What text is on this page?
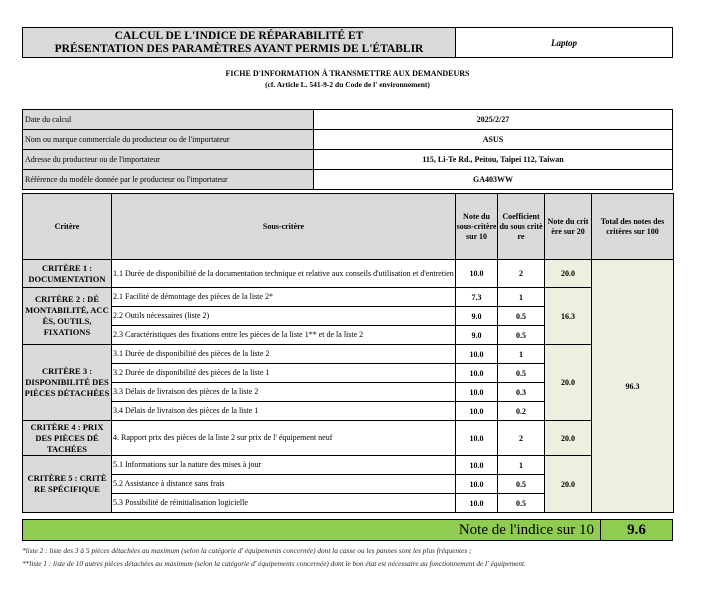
CALCUL DE L'INDICE DE RÉPARABILITÉ ET
PRÉSENTATION DES PARAMÈTRES AYANT PERMIS DE L'ÉTABLIR	Laptop
FICHE D'INFORMATION À TRANSMETTRE AUX DEMANDEURS
(cf. Article L. 541-9-2 du Code de l' environnement)
Date du calcul	2025/2/27
Nom ou marque commerciale du producteur ou de l'importateur	ASUS
Adresse du producteur ou de l'importateur	115, Li-Te Rd., Peitou, Taipei 112, Taiwan
Référence du modèle donnée par le producteur ou l'importateur	GA403WW
Critère	Sous-critère	Note du sous-critère sur 10	Coefficient du sous critè re	Note du crit ère sur 20	Total des notes des critères sur 100
CRITÈRE 1 : DOCUMENTATION	1.1 Durée de disponibilité de la documentation technique et relative aux conseils d'utilisation et d'entretien	10.0	2	20.0	96.3
CRITÈRE 2 : DÉ MONTABILITÉ, ACC ÈS, OUTILS, FIXATIONS	2.1 Facilité de démontage des pièces de la liste 2*	7.3	1	16.3	
	2.2 Outils nécessaires (liste 2)	9.0	0.5		
	2.3 Caractéristiques des fixations entre les pièces de la liste 1** et de la liste 2	9.0	0.5		
CRITÈRE 3 : DISPONIBILITÉ DES PIÈCES DÉTACHÉES	3.1 Durée de disponibilité des pièces de la liste 2	10.0	1	20.0	
	3.2 Durée de disponibilité des pièces de la liste 1	10.0	0.5		
	3.3 Délais de livraison des pièces de la liste 2	10.0	0.3		
	3.4 Délais de livraison des pièces de la liste 1	10.0	0.2		
CRITÈRE 4 : PRIX DES PIÈCES DÉ TACHÉES	4. Rapport prix des pièces de la liste 2 sur prix de l' équipement neuf	10.0	2	20.0	
CRITÈRE 5 : CRITÈ RE SPÉCIFIQUE	5.1 Informations sur la nature des mises à jour	10.0	1	20.0	
	5.2 Assistance à distance sans frais	10.0	0.5		
	5.3 Possibilité de réinitialisation logicielle	10.0	0.5		
Note de l'indice sur 10	9.6
*liste 2 : liste des 3 à 5 pièces détachées au maximum (selon la catégorie d' équipements concernée) dont la casse ou les pannes sont les plus fréquentes ;
**liste 1 : liste de 10 autres pièces détachées au maximum (selon la catégorie d' équipements concernée) dont le bon état est nécessaire au fonctionnement de l' équipement.
